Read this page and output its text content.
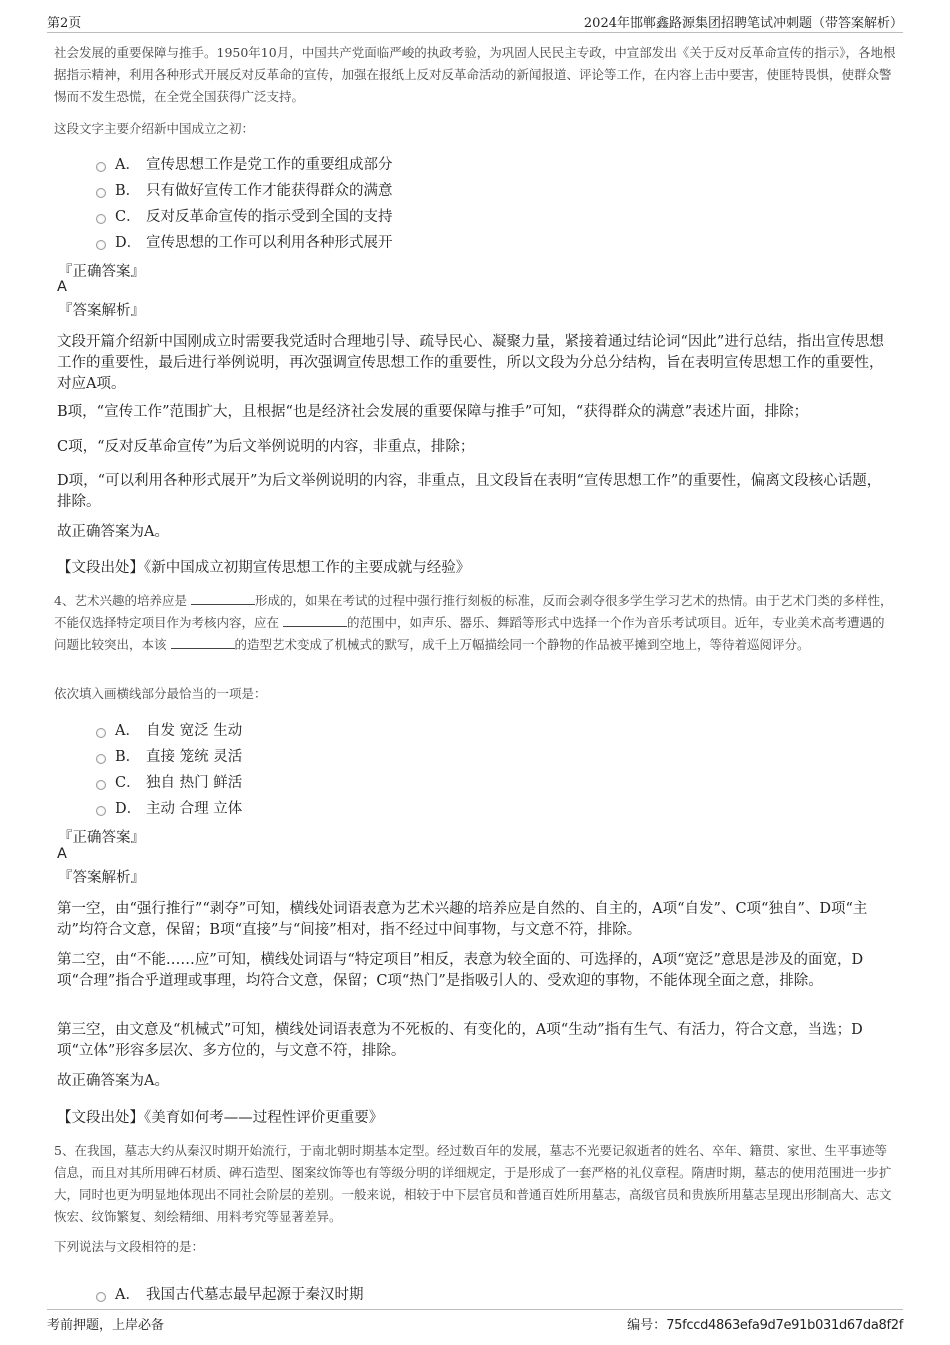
第2页	2024年邯郸鑫路源集团招聘笔试冲刺题（带答案解析）

社会发展的重要保障与推手。1950年10月，中国共产党面临严峻的执政考验，为巩固人民民主专政，中宣部发出《关于反对反革命宣传的指示》，各地根据指示精神，利用各种形式开展反对反革命的宣传，加强在报纸上反对反革命活动的新闻报道、评论等工作，在内容上击中要害，使匪特畏惧，使群众警惕而不发生恐慌，在全党全国获得广泛支持。

这段文字主要介绍新中国成立之初：

A． 宣传思想工作是党工作的重要组成部分
B． 只有做好宣传工作才能获得群众的满意
C． 反对反革命宣传的指示受到全国的支持
D． 宣传思想的工作可以利用各种形式展开
『正确答案』
A
『答案解析』

文段开篇介绍新中国刚成立时需要我党适时合理地引导、疏导民心、凝聚力量，紧接着通过结论词“因此”进行总结，指出宣传思想工作的重要性，最后进行举例说明，再次强调宣传思想工作的重要性，所以文段为分总分结构，旨在表明宣传思想工作的重要性，对应A项。

B项，“宣传工作”范围扩大，且根据“也是经济社会发展的重要保障与推手”可知，“获得群众的满意”表述片面，排除；

C项，“反对反革命宣传”为后文举例说明的内容，非重点，排除；

D项，“可以利用各种形式展开”为后文举例说明的内容，非重点，且文段旨在表明“宣传思想工作”的重要性，偏离文段核心话题，排除。

故正确答案为A。

【文段出处】《新中国成立初期宣传思想工作的主要成就与经验》

4、艺术兴趣的培养应是	形成的，如果在考试的过程中强行推行刻板的标准，反而会剥夺很多学生学习艺术的热情。由于艺术门类的多样性，不能仅选择特定项目作为考核内容，应在	的范围中，如声乐、器乐、舞蹈等形式中选择一个作为音乐考试项目。近年，专业美术高考遭遇的问题比较突出，本该	的造型艺术变成了机械式的默写，成千上万幅描绘同一个静物的作品被平摊到空地上，等待着巡阅评分。

依次填入画横线部分最恰当的一项是：

A． 自发 宽泛 生动
B． 直接 笼统 灵活
C． 独自 热门 鲜活
D． 主动 合理 立体
『正确答案』
A
『答案解析』

第一空，由“强行推行”“剥夺”可知，横线处词语表意为艺术兴趣的培养应是自然的、自主的，A项“自发”、C项“独自”、D项“主动”均符合文意，保留；B项“直接”与“间接”相对，指不经过中间事物，与文意不符，排除。

第二空，由“不能……应”可知，横线处词语与“特定项目”相反，表意为较全面的、可选择的，A项“宽泛”意思是涉及的面宽，D项“合理”指合乎道理或事理，均符合文意，保留；C项“热门”是指吸引人的、受欢迎的事物，不能体现全面之意，排除。

第三空，由文意及“机械式”可知，横线处词语表意为不死板的、有变化的，A项“生动”指有生气、有活力，符合文意，当选；D项“立体”形容多层次、多方位的，与文意不符，排除。

故正确答案为A。

【文段出处】《美育如何考——过程性评价更重要》

5、在我国，墓志大约从秦汉时期开始流行，于南北朝时期基本定型。经过数百年的发展，墓志不光要记叙逝者的姓名、卒年、籍贯、家世、生平事迹等信息，而且对其所用碑石材质、碑石造型、图案纹饰等也有等级分明的详细规定，于是形成了一套严格的礼仪章程。隋唐时期，墓志的使用范围进一步扩大，同时也更为明显地体现出不同社会阶层的差别。一般来说，相较于中下层官员和普通百姓所用墓志，高级官员和贵族所用墓志呈现出形制高大、志文恢宏、纹饰繁复、刻绘精细、用料考究等显著差异。

下列说法与文段相符的是：

A． 我国古代墓志最早起源于秦汉时期
考前押题，上岸必备	编号：75fccd4863efa9d7e91b031d67da8f2f
